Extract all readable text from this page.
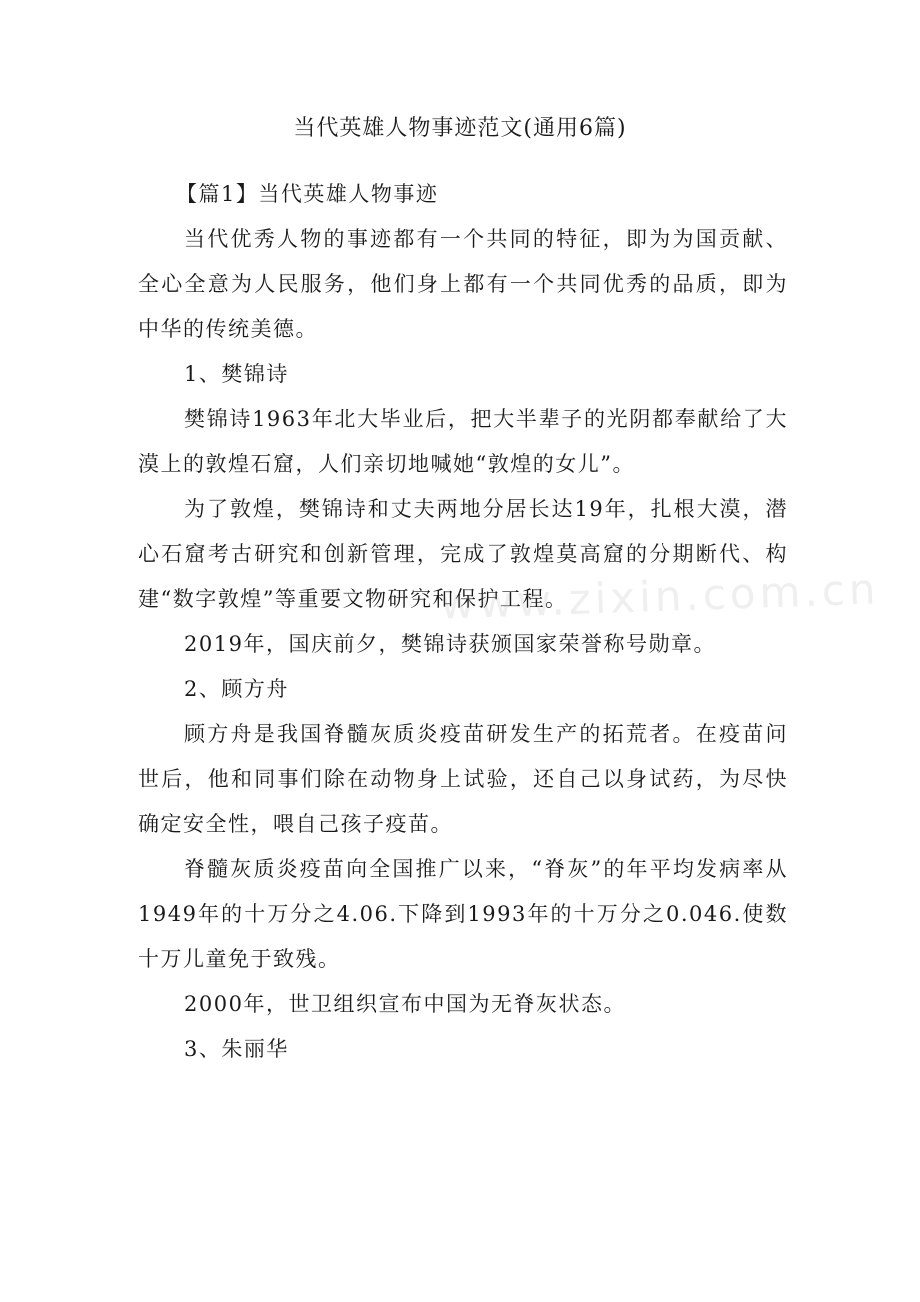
当代英雄人物事迹范文(通用6篇)

【篇1】当代英雄人物事迹

当代优秀人物的事迹都有一个共同的特征，即为为国贡献、全心全意为人民服务，他们身上都有一个共同优秀的品质，即为中华的传统美德。

1、樊锦诗

樊锦诗1963年北大毕业后，把大半辈子的光阴都奉献给了大漠上的敦煌石窟，人们亲切地喊她“敦煌的女儿”。

为了敦煌，樊锦诗和丈夫两地分居长达19年，扎根大漠，潜心石窟考古研究和创新管理，完成了敦煌莫高窟的分期断代、构建“数字敦煌”等重要文物研究和保护工程。

2019年，国庆前夕，樊锦诗获颁国家荣誉称号勋章。

2、顾方舟

顾方舟是我国脊髓灰质炎疫苗研发生产的拓荒者。在疫苗问世后，他和同事们除在动物身上试验，还自己以身试药，为尽快确定安全性，喂自己孩子疫苗。

脊髓灰质炎疫苗向全国推广以来，“脊灰”的年平均发病率从1949年的十万分之4.06.下降到1993年的十万分之0.046.使数十万儿童免于致残。

2000年，世卫组织宣布中国为无脊灰状态。

3、朱丽华

www.zixin.com.cn
